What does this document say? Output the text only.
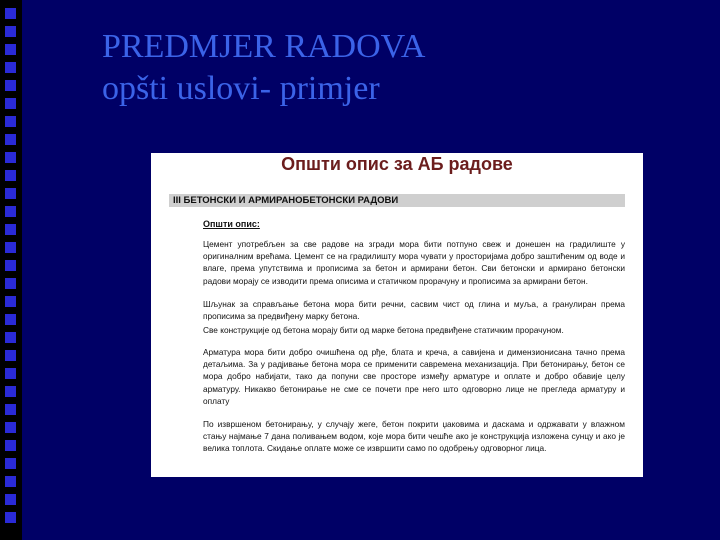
PREDMJER RADOVA
opšti uslovi- primjer
Општи опис за АБ радове
III БЕТОНСКИ И АРМИРАНОБЕТОНСКИ РАДОВИ
Општи опис:
Цемент употребљен за све радове на згради мора бити потпуно свеж и донешен на градилиште у оригиналним врећама. Цемент се на градилишту мора чувати у просторијама добро заштићеним од воде и влаге, према упутствима и прописима за бетон и армирани бетон. Сви бетонски и армирано бетонски радови морају се изводити према описима и статичком прорачуну и прописима за армирани бетон.
Шљунак за справљање бетона мора бити речни, сасвим чист од глина и муља, а гранулиран према прописима за предвиђену марку бетона.
Све конструкције од бетона морају бити од марке бетона предвиђене статичким прорачуном.
Арматура мора бити добро очишћена од рђе, блата и креча, а савијена и димензионисана тачно према детаљима. За у радјивање бетона мора се применити савремена механизација. При бетонирању, бетон се мора добро набијати, тако да попуни све просторе између арматуре и оплате и добро обавије целу арматуру. Никакво бетонирање не сме се почети пре него што одговорно лице не прегледа арматуру и оплату
По извршеном бетонирању, у случају жеге, бетон покрити џаковима и даскама и одржавати у влажном стању најмање 7 дана поливањем водом, које мора бити чешће ако је конструкција изложена сунцу и ако је велика топлота. Скидање оплате може се извршити само по одобрењу одговорног лица.
